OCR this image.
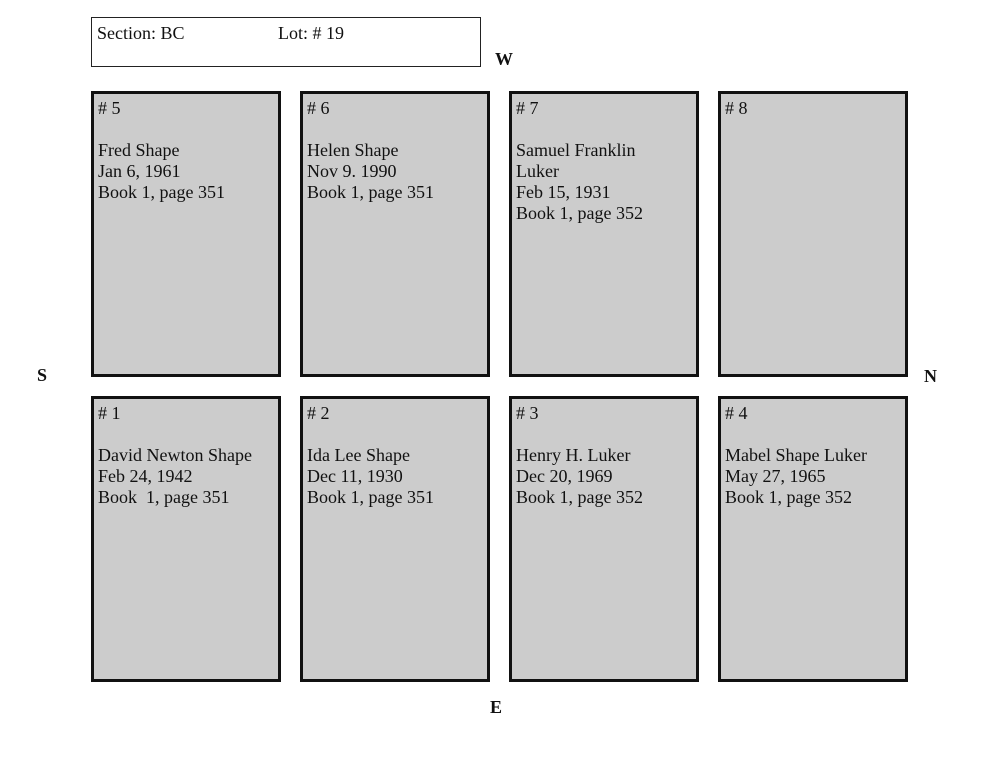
Section: BC	Lot: # 19
W
E
S	N
# 5
Fred Shape
Jan 6, 1961
Book 1, page 351
# 6
Helen Shape
Nov 9. 1990
Book 1, page 351
# 7
Samuel Franklin
Luker
Feb 15, 1931
Book 1, page 352
# 8
# 1
David Newton Shape
Feb 24, 1942
Book  1, page 351
# 2
Ida Lee Shape
Dec 11, 1930
Book 1, page 351
# 3
Henry H. Luker
Dec 20, 1969
Book 1, page 352
# 4
Mabel Shape Luker
May 27, 1965
Book 1, page 352
